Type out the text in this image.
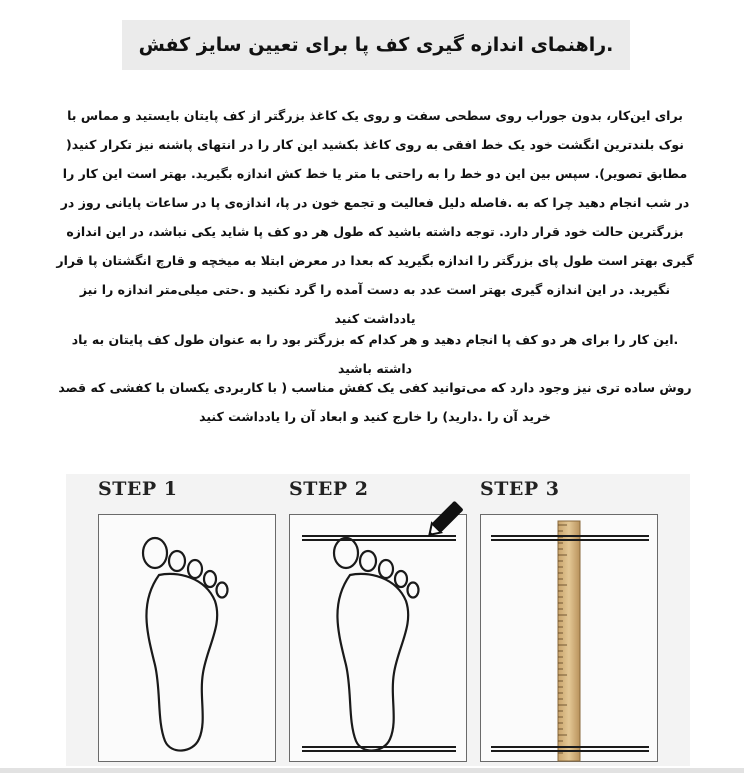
.راهنمای اندازه گیری کف پا برای تعیین سایز کفش

برای این‌کار، بدون جوراب روی سطحی سفت و روی یک کاغذ بزرگتر از کف پایتان بایستید و مماس با نوک بلندترین انگشت خود یک خط افقی به روی کاغذ بکشید این کار را در انتهای پاشنه نیز تکرار کنید( مطابق تصویر). سپس بین این دو خط را به راحتی با متر یا خط کش اندازه بگیرید. بهتر است این کار را در شب انجام دهید چرا که به .فاصله دلیل فعالیت و تجمع خون در پا، اندازه‌ی پا در ساعات پایانی روز در بزرگترین حالت خود قرار دارد. توجه داشته باشید که طول هر دو کف پا شاید یکی نباشد، در این اندازه گیری بهتر است طول پای بزرگتر را اندازه بگیرید که بعدا در معرض ابتلا به میخچه و قارچ انگشتان پا قرار نگیرید. در این اندازه گیری بهتر است عدد به دست آمده را گرد نکنید و .حتی میلی‌متر اندازه را نیز یادداشت کنید

.این کار را برای هر دو کف پا انجام دهید و هر کدام که بزرگتر بود را به عنوان طول کف پایتان به یاد داشته باشید

روش ساده تری نیز وجود دارد که می‌توانید کفی یک کفش مناسب ( با کاربردی یکسان با کفشی که قصد خرید آن را .دارید) را خارج کنید و ابعاد آن را یادداشت کنید

STEP 1	STEP 2	STEP 3
